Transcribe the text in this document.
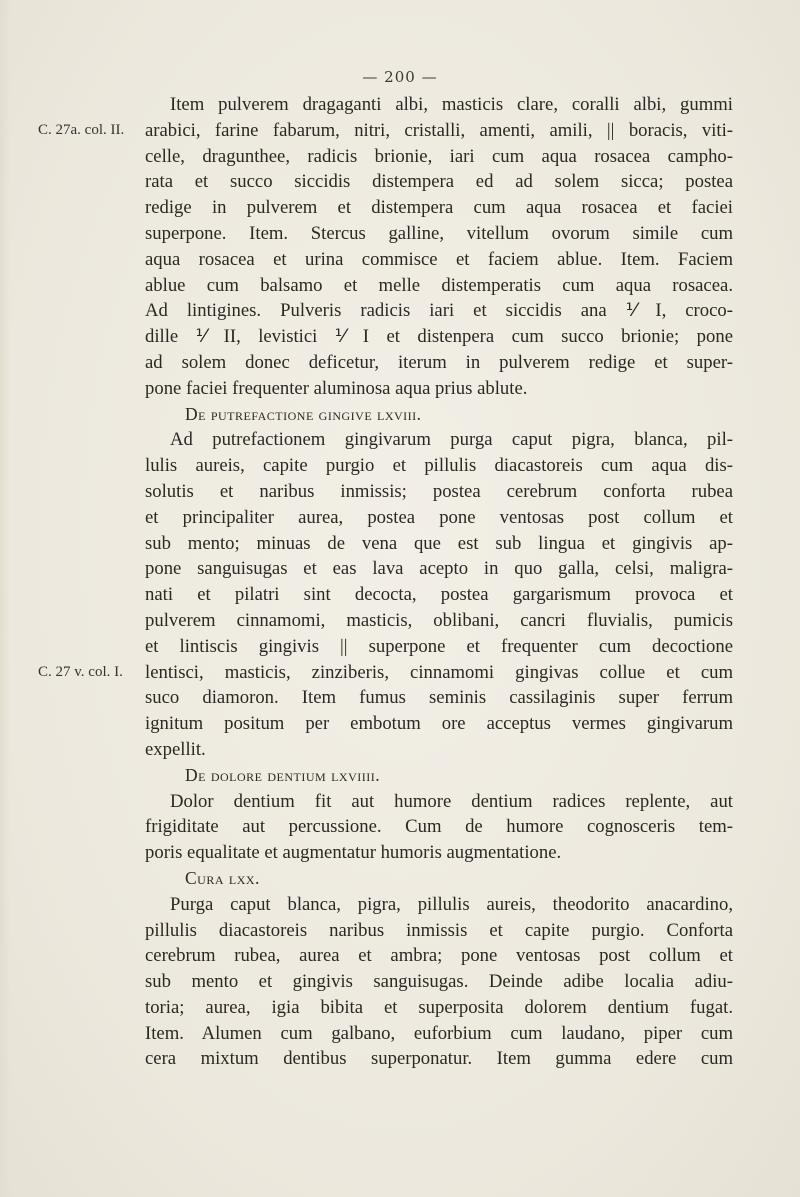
— 200 —
C. 27a. col. II.
C. 27 v. col. I.
Item pulverem dragaganti albi, masticis clare, coralli albi, gummi
arabici, farine fabarum, nitri, cristalli, amenti, amili, || boracis, viti-
celle, dragunthee, radicis brionie, iari cum aqua rosacea campho-
rata et succo siccidis distempera ed ad solem sicca; postea
redige in pulverem et distempera cum aqua rosacea et faciei
superpone. Item. Stercus galline, vitellum ovorum simile cum
aqua rosacea et urina commisce et faciem ablue. Item. Faciem
ablue cum balsamo et melle distemperatis cum aqua rosacea.
Ad lintigines. Pulveris radicis iari et siccidis ana ⅟ I, croco-
dille ⅟ II, levistici ⅟ I et distenpera cum succo brionie; pone
ad solem donec deficetur, iterum in pulverem redige et super-
pone faciei frequenter aluminosa aqua prius ablute.
De putrefactione gingive lxviii.
Ad putrefactionem gingivarum purga caput pigra, blanca, pil-
lulis aureis, capite purgio et pillulis diacastoreis cum aqua dis-
solutis et naribus inmissis; postea cerebrum conforta rubea
et principaliter aurea, postea pone ventosas post collum et
sub mento; minuas de vena que est sub lingua et gingivis ap-
pone sanguisugas et eas lava acepto in quo galla, celsi, maligra-
nati et pilatri sint decocta, postea gargarismum provoca et
pulverem cinnamomi, masticis, oblibani, cancri fluvialis, pumicis
et lintiscis gingivis || superpone et frequenter cum decoctione
lentisci, masticis, zinziberis, cinnamomi gingivas collue et cum
suco diamoron. Item fumus seminis cassilaginis super ferrum
ignitum positum per embotum ore acceptus vermes gingivarum
expellit.
De dolore dentium lxviiii.
Dolor dentium fit aut humore dentium radices replente, aut
frigiditate aut percussione. Cum de humore cognosceris tem-
poris equalitate et augmentatur humoris augmentatione.
Cura lxx.
Purga caput blanca, pigra, pillulis aureis, theodorito anacardino,
pillulis diacastoreis naribus inmissis et capite purgio. Conforta
cerebrum rubea, aurea et ambra; pone ventosas post collum et
sub mento et gingivis sanguisugas. Deinde adibe localia adiu-
toria; aurea, igia bibita et superposita dolorem dentium fugat.
Item. Alumen cum galbano, euforbium cum laudano, piper cum
cera mixtum dentibus superponatur. Item gumma edere cum
